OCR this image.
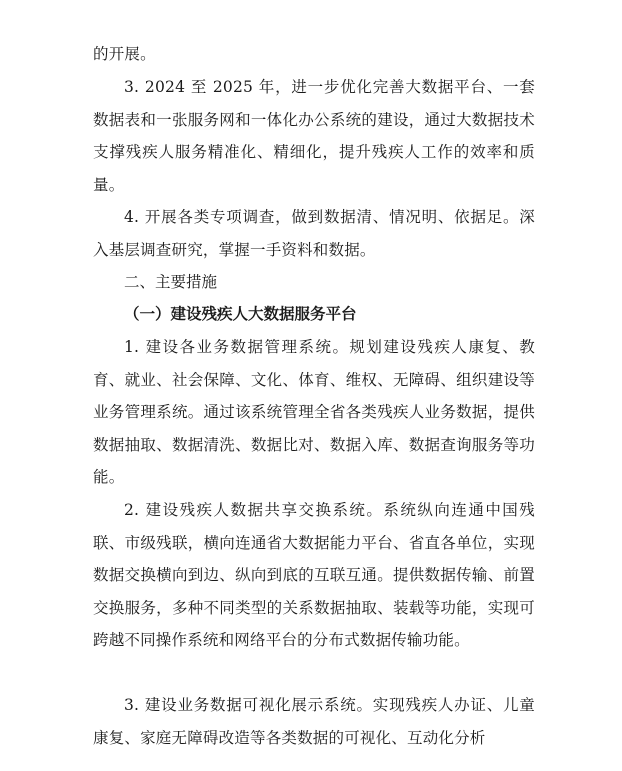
的开展。

3. 2024 至 2025 年，进一步优化完善大数据平台、一套数据表和一张服务网和一体化办公系统的建设，通过大数据技术支撑残疾人服务精准化、精细化，提升残疾人工作的效率和质量。

4. 开展各类专项调查，做到数据清、情况明、依据足。深入基层调查研究，掌握一手资料和数据。

二、主要措施
（一）建设残疾人大数据服务平台

1. 建设各业务数据管理系统。规划建设残疾人康复、教育、就业、社会保障、文化、体育、维权、无障碍、组织建设等业务管理系统。通过该系统管理全省各类残疾人业务数据，提供数据抽取、数据清洗、数据比对、数据入库、数据查询服务等功能。

2. 建设残疾人数据共享交换系统。系统纵向连通中国残联、市级残联，横向连通省大数据能力平台、省直各单位，实现数据交换横向到边、纵向到底的互联互通。提供数据传输、前置交换服务，多种不同类型的关系数据抽取、装载等功能，实现可跨越不同操作系统和网络平台的分布式数据传输功能。

3. 建设业务数据可视化展示系统。实现残疾人办证、儿童康复、家庭无障碍改造等各类数据的可视化、互动化分析
